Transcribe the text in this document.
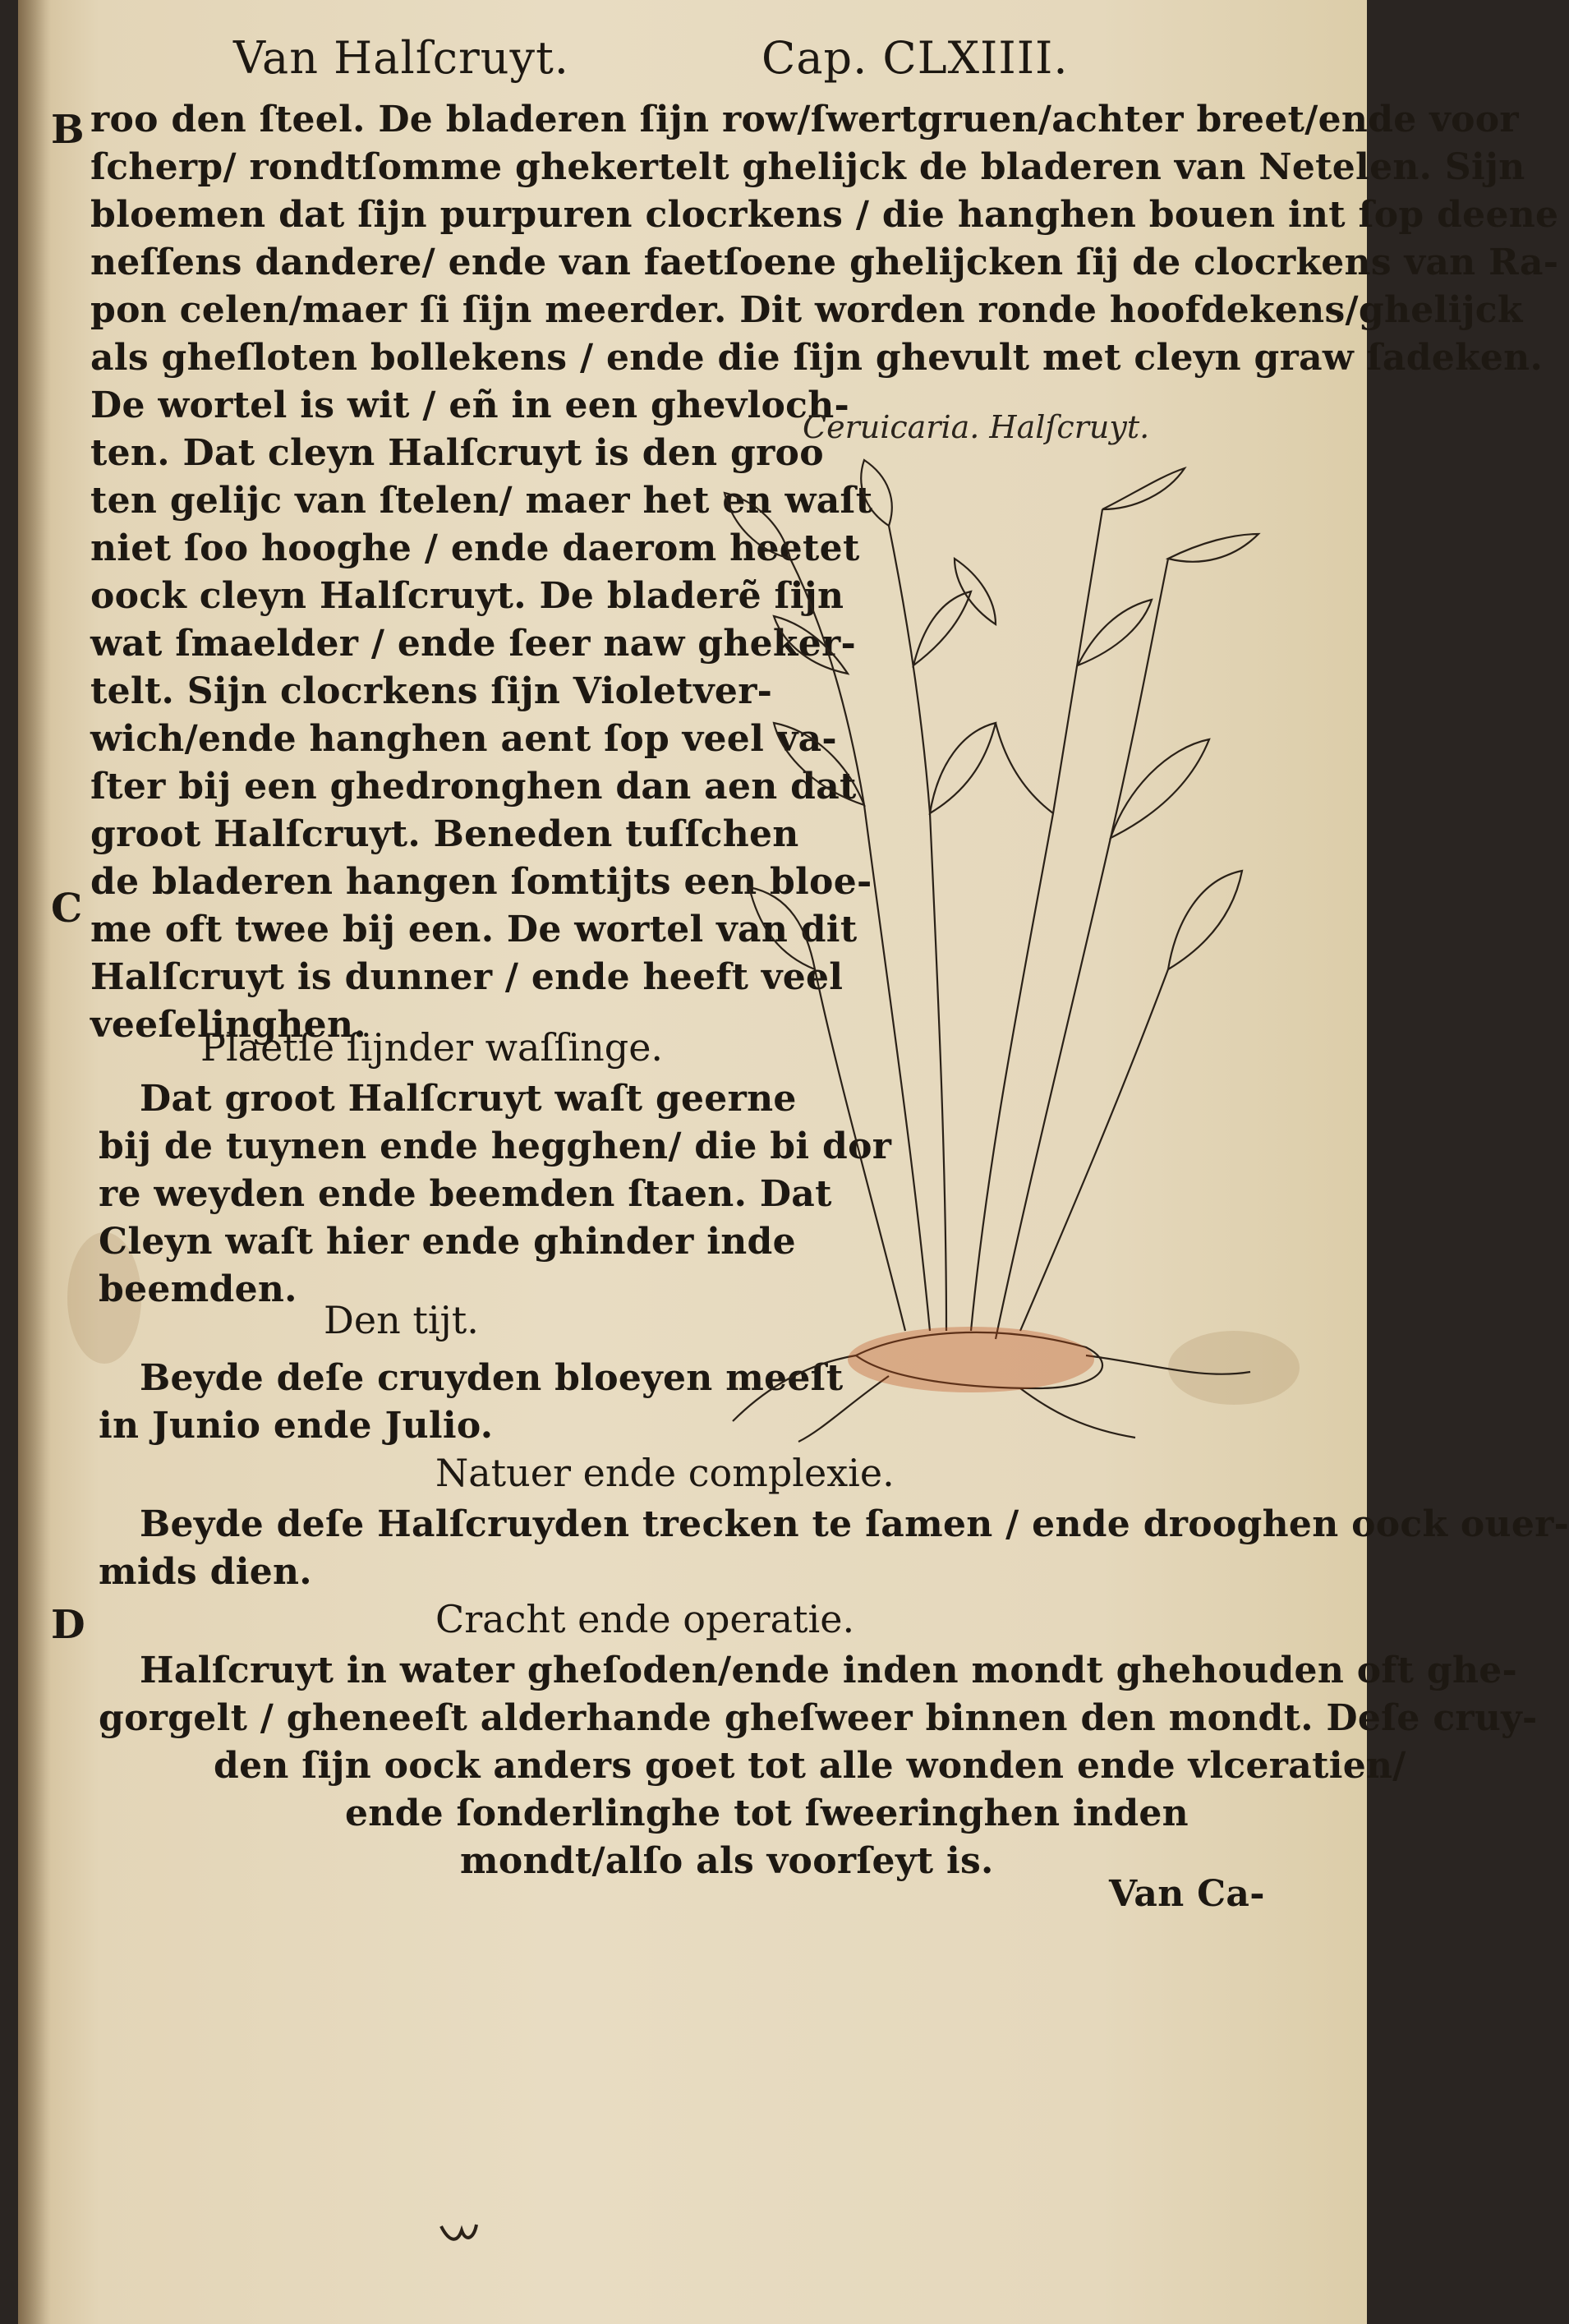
Van Halſcruyt.	Cap. CLXIIII.
B
C
D
roo den ſteel. De bladeren ſijn row/ſwertgruen/achter breet/ende voor
ſcherp/ rondtſomme ghekertelt ghelijck de bladeren van Netelen. Sijn
bloemen dat ſijn purpuren clocrkens / die hanghen bouen int ſop deene
neſſens dandere/ ende van faetſoene ghelijcken ſij de clocrkens van Ra-
pon celen/maer ſi ſijn meerder. Dit worden ronde hoofdekens/ghelijck
als gheſloten bollekens / ende die ſijn ghevult met cleyn graw ſadeken.
De wortel is wit / eñ in een ghevloch-
ten. Dat cleyn Halſcruyt is den groo
ten gelijc van ſtelen/ maer het en waſt
niet ſoo hooghe / ende daerom heetet
oock cleyn Halſcruyt. De bladerẽ ſijn
wat ſmaelder / ende ſeer naw gheker-
telt. Sijn clocrkens ſijn Violetver-
wich/ende hanghen aent ſop veel va-
ſter bij een ghedronghen dan aen dat
groot Halſcruyt. Beneden tuſſchen
de bladeren hangen ſomtijts een bloe-
me oft twee bij een. De wortel van dit
Halſcruyt is dunner / ende heeft veel
veeſelinghen.
Plaetſe ſijnder waſſinge.
Dat groot Halſcruyt waſt geerne
bij de tuynen ende hegghen/ die bi dor
re weyden ende beemden ſtaen. Dat
Cleyn waſt hier ende ghinder inde
beemden.
Den tijt.
Beyde deſe cruyden bloeyen meeſt
in Junio ende Julio.
Ceruicaria. Halſcruyt.
Natuer ende complexie.
Beyde deſe Halſcruyden trecken te ſamen / ende drooghen oock ouer-
mids dien.
Cracht ende operatie.
Halſcruyt in water gheſoden/ende inden mondt ghehouden oft ghe-
gorgelt / gheneeſt alderhande gheſweer binnen den mondt. Deſe cruy-
den ſijn oock anders goet tot alle wonden ende vlceratien/
ende ſonderlinghe tot ſweeringhen inden
mondt/alſo als voorſeyt is.
Van Ca-
